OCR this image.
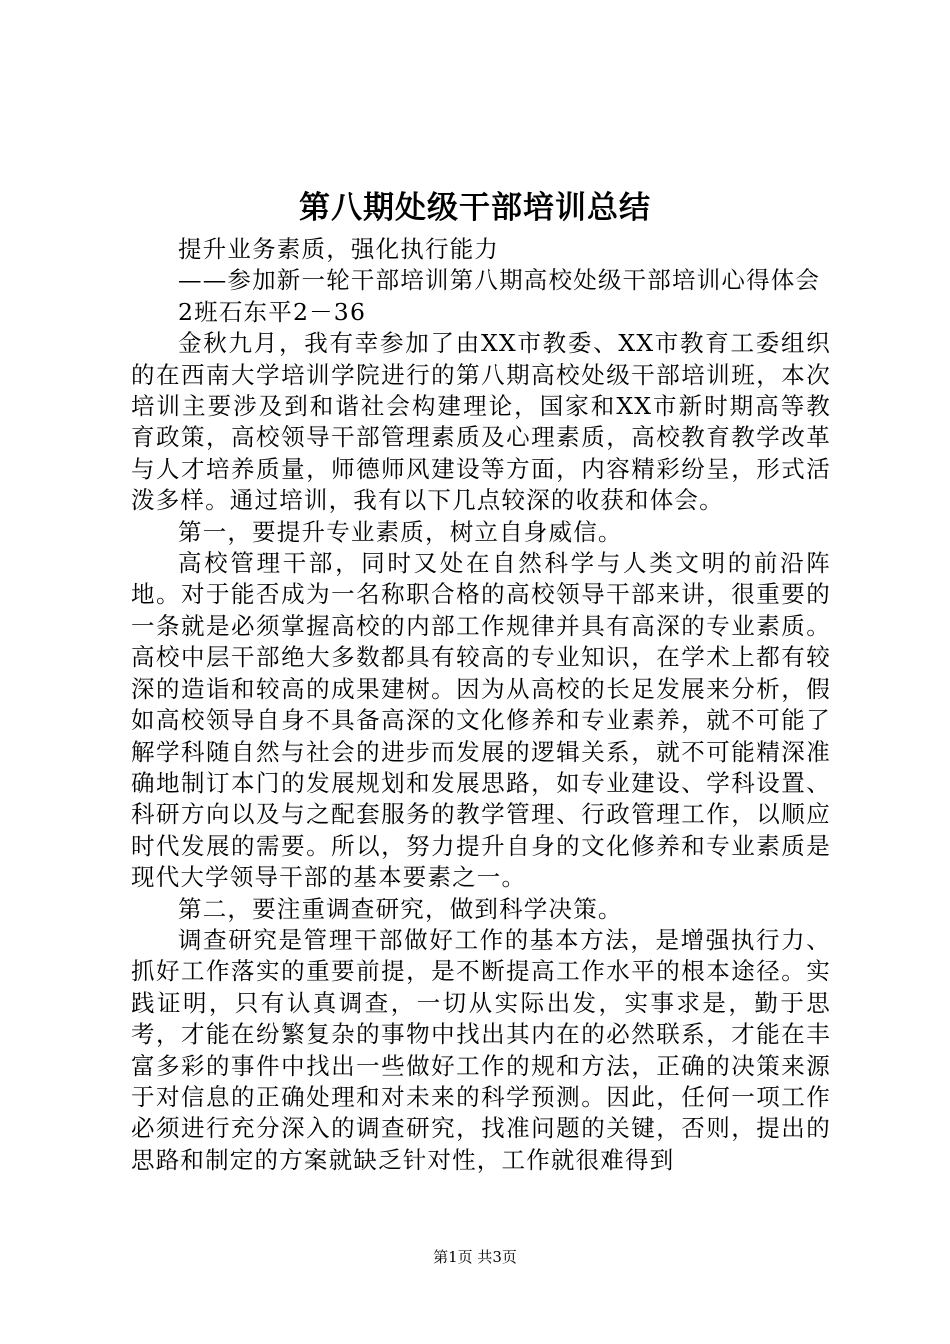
第八期处级干部培训总结

提升业务素质，强化执行能力

——参加新一轮干部培训第八期高校处级干部培训心得体会

2班石东平2－36

金秋九月，我有幸参加了由XX市教委、XX市教育工委组织的在西南大学培训学院进行的第八期高校处级干部培训班，本次培训主要涉及到和谐社会构建理论，国家和XX市新时期高等教育政策，高校领导干部管理素质及心理素质，高校教育教学改革与人才培养质量，师德师风建设等方面，内容精彩纷呈，形式活泼多样。通过培训，我有以下几点较深的收获和体会。

第一，要提升专业素质，树立自身威信。

高校管理干部，同时又处在自然科学与人类文明的前沿阵地。对于能否成为一名称职合格的高校领导干部来讲，很重要的一条就是必须掌握高校的内部工作规律并具有高深的专业素质。高校中层干部绝大多数都具有较高的专业知识，在学术上都有较深的造诣和较高的成果建树。因为从高校的长足发展来分析，假如高校领导自身不具备高深的文化修养和专业素养，就不可能了解学科随自然与社会的进步而发展的逻辑关系，就不可能精深准确地制订本门的发展规划和发展思路，如专业建设、学科设置、科研方向以及与之配套服务的教学管理、行政管理工作，以顺应时代发展的需要。所以，努力提升自身的文化修养和专业素质是现代大学领导干部的基本要素之一。

第二，要注重调查研究，做到科学决策。

调查研究是管理干部做好工作的基本方法，是增强执行力、抓好工作落实的重要前提，是不断提高工作水平的根本途径。实践证明，只有认真调查，一切从实际出发，实事求是，勤于思考，才能在纷繁复杂的事物中找出其内在的必然联系，才能在丰富多彩的事件中找出一些做好工作的规和方法，正确的决策来源于对信息的正确处理和对未来的科学预测。因此，任何一项工作必须进行充分深入的调查研究，找准问题的关键，否则，提出的思路和制定的方案就缺乏针对性，工作就很难得到

第1页 共3页
